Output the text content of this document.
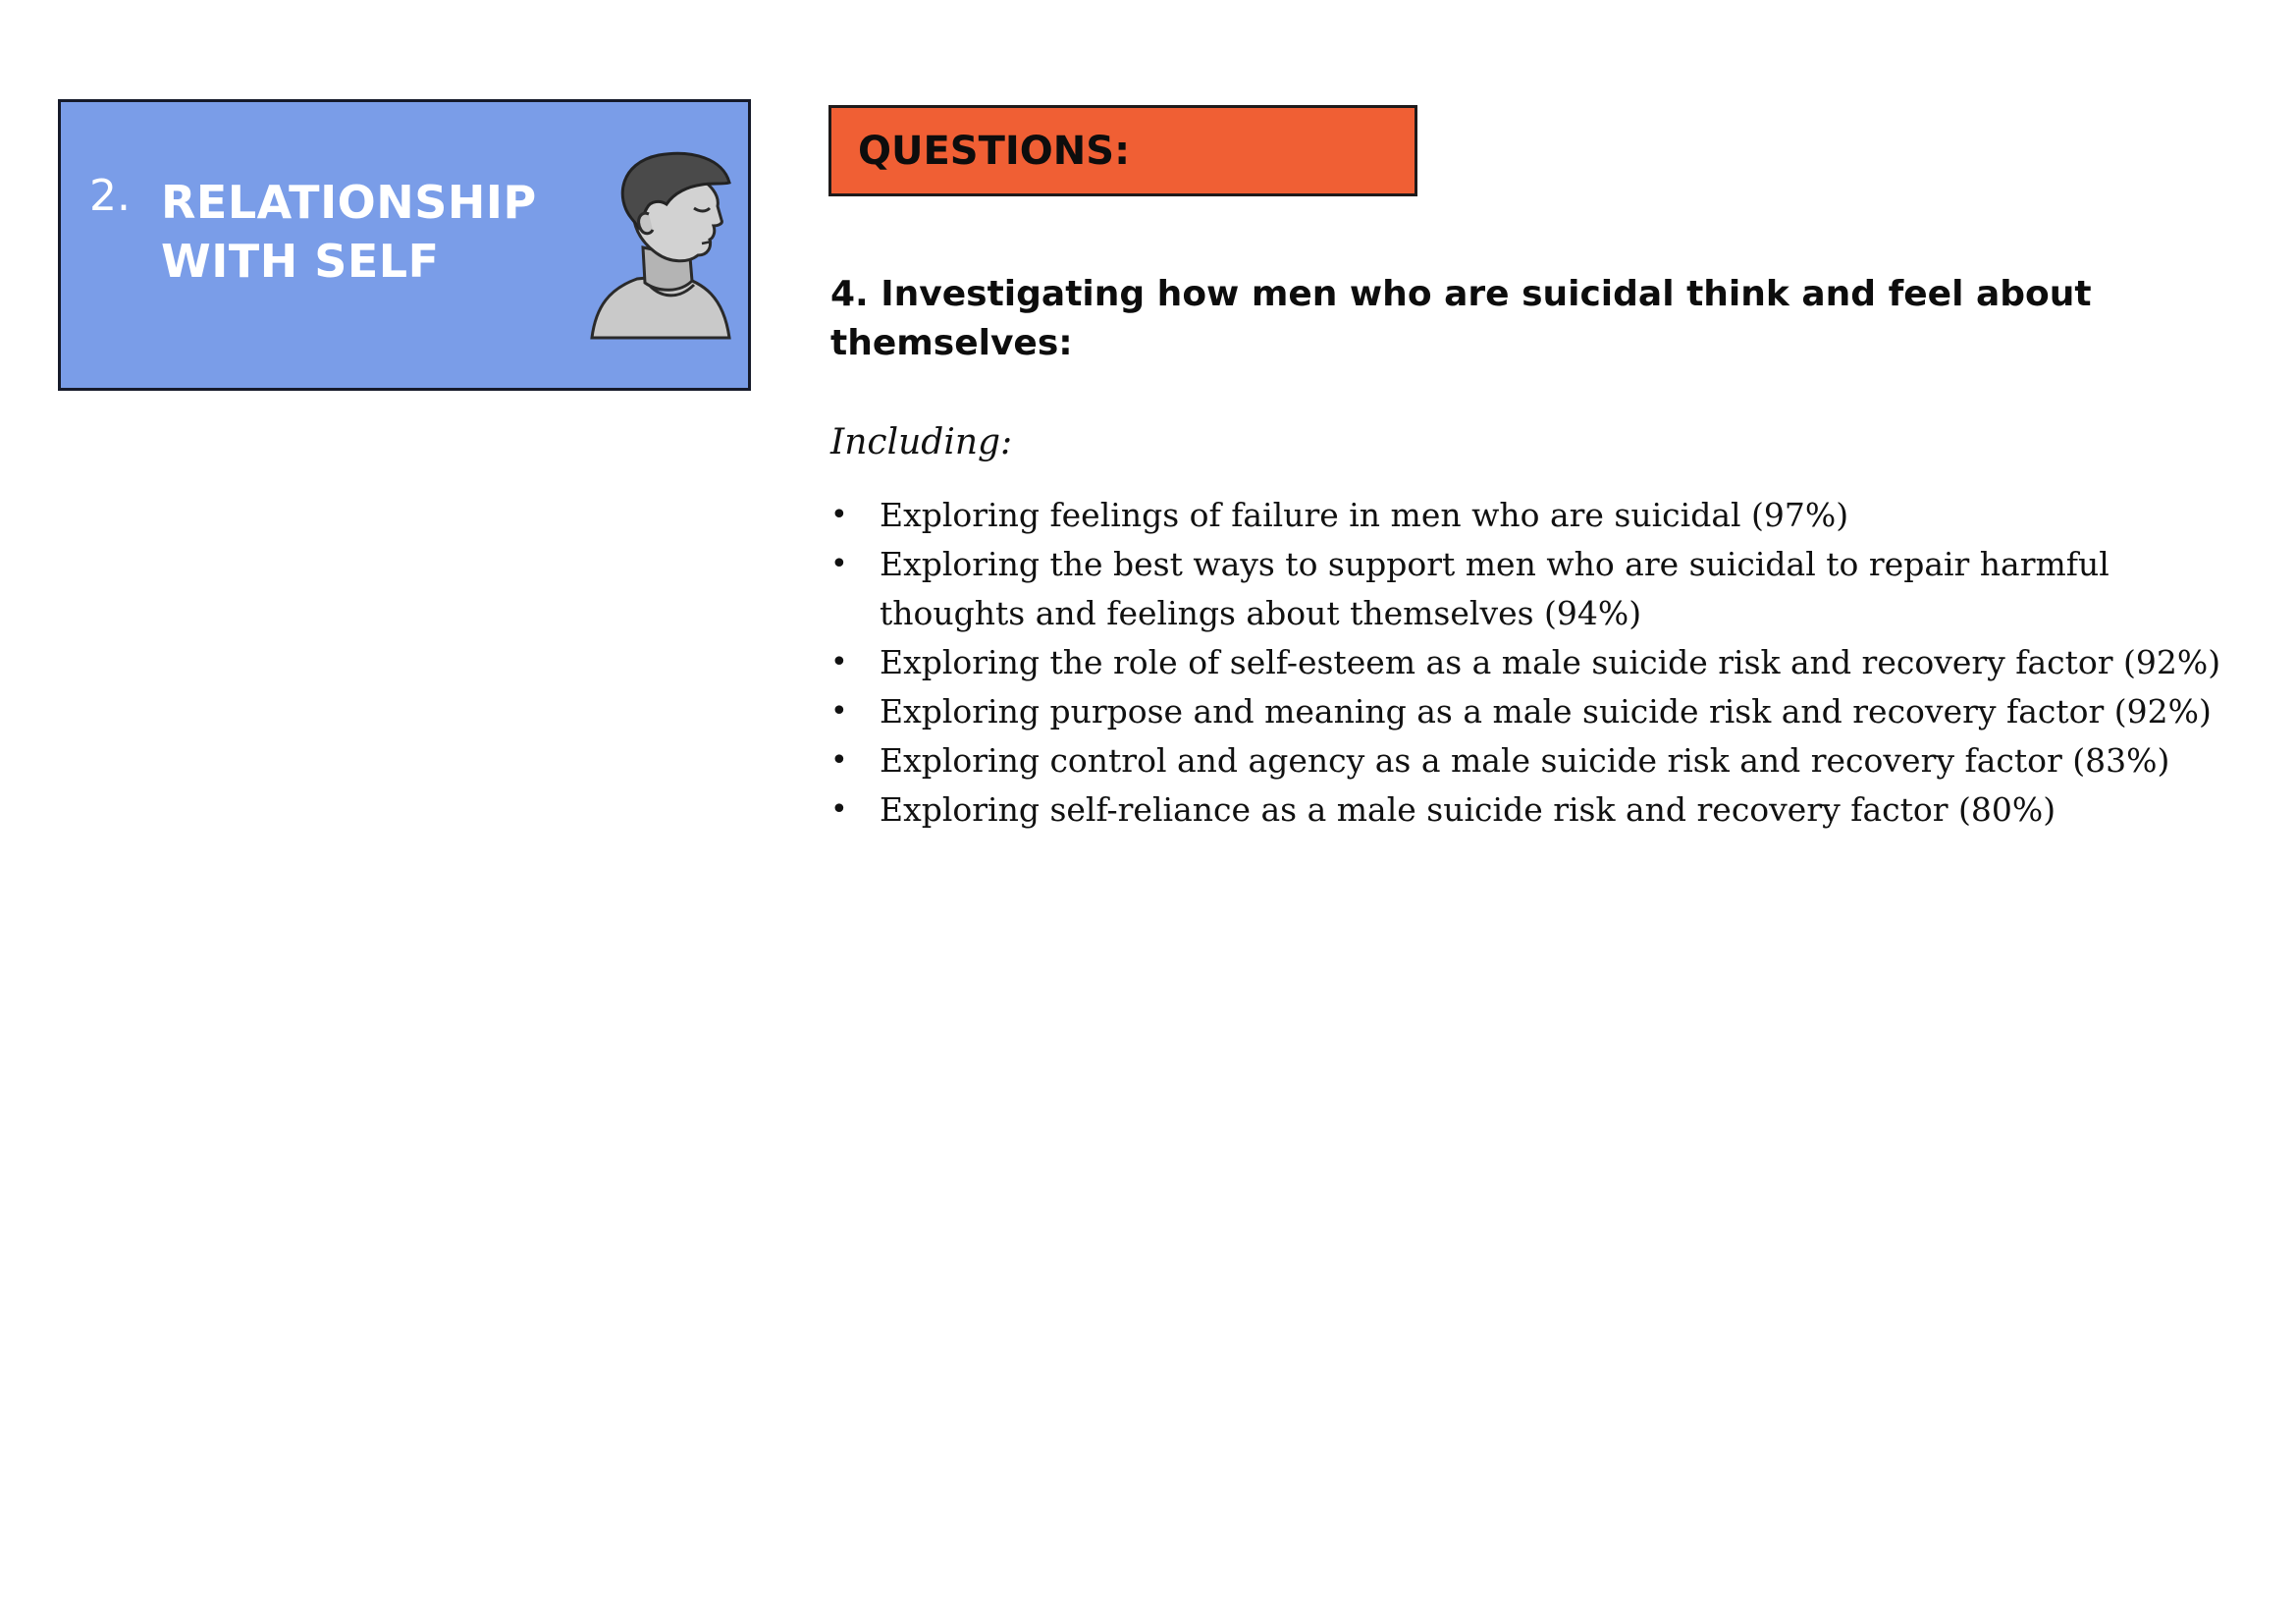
2. RELATIONSHIP
WITH SELF
QUESTIONS:
4. Investigating how men who are suicidal think and feel about themselves:
Including:
• Exploring feelings of failure in men who are suicidal (97%)
• Exploring the best ways to support men who are suicidal to repair harmful thoughts and feelings about themselves (94%)
• Exploring the role of self-esteem as a male suicide risk and recovery factor (92%)
• Exploring purpose and meaning as a male suicide risk and recovery factor (92%)
• Exploring control and agency as a male suicide risk and recovery factor (83%)
• Exploring self-reliance as a male suicide risk and recovery factor (80%)
